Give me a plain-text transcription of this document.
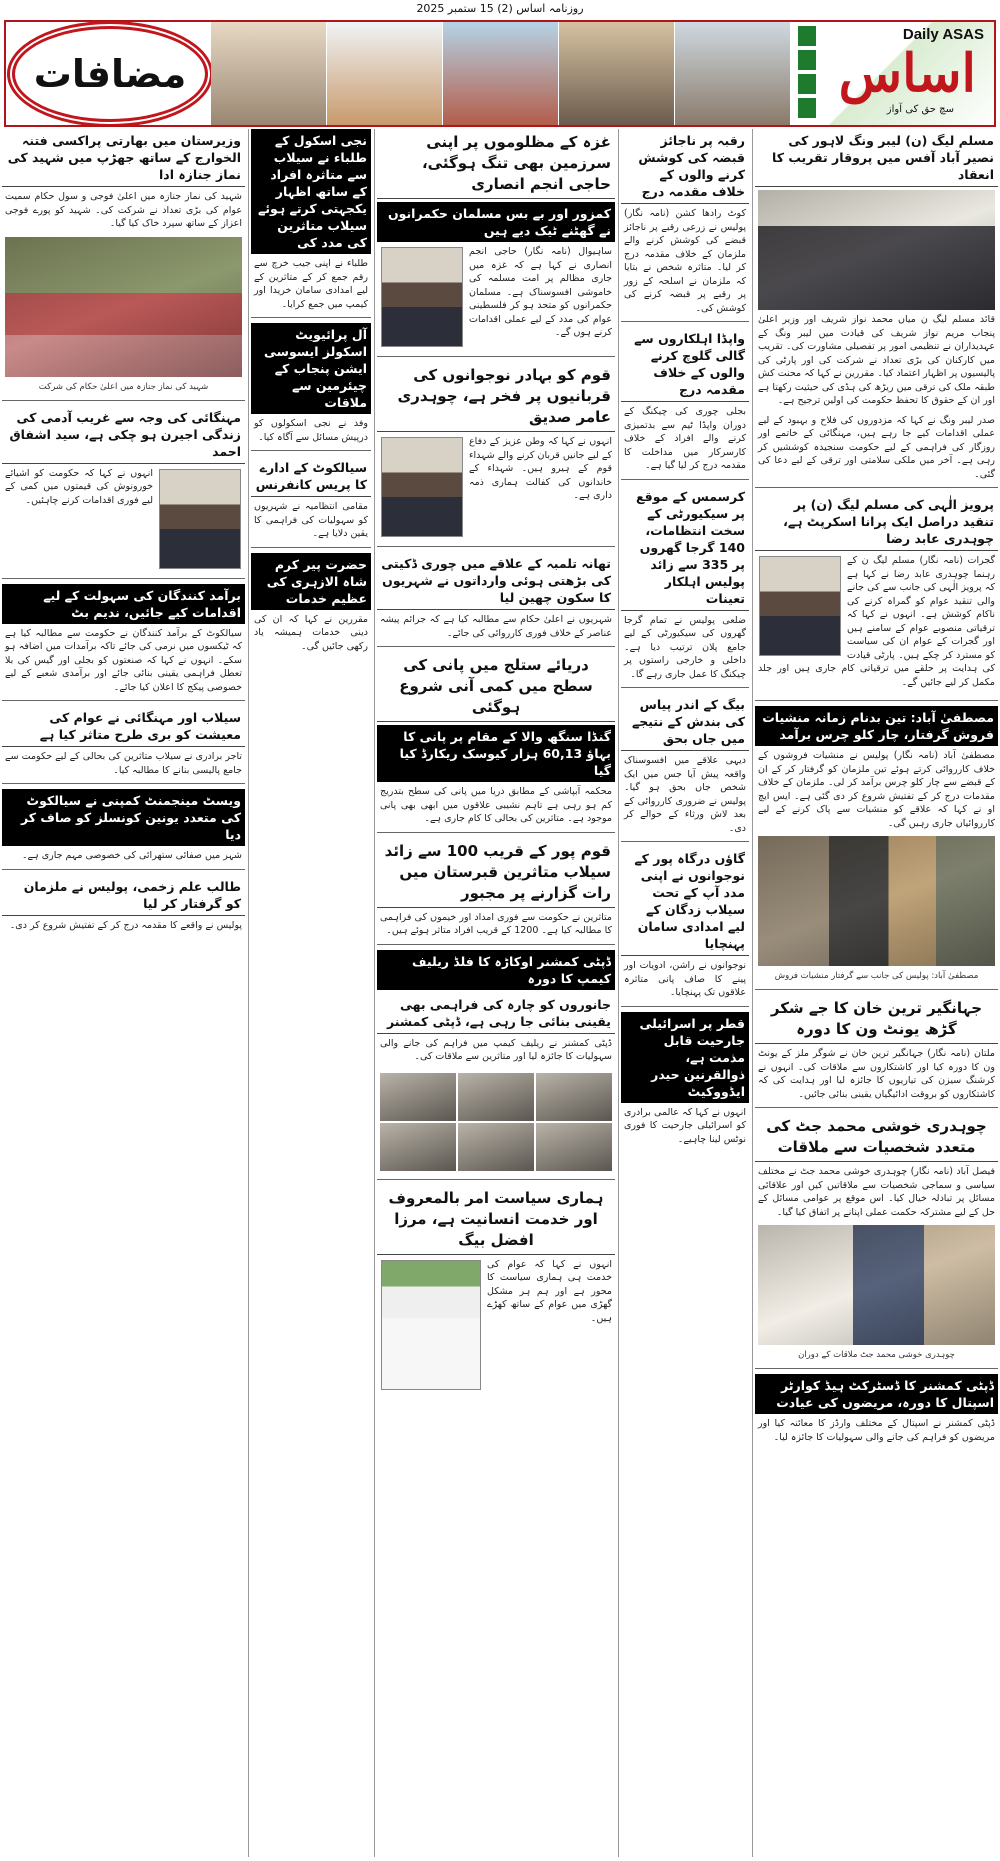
روزنامہ اساس (2) 15 ستمبر 2025
مضافات
Daily ASAS
اساس
سچ حق کی آواز
مسلم لیگ (ن) لیبر ونگ لاہور کی نصیر آباد آفس میں پروقار تقریب کا انعقاد
قائد مسلم لیگ ن میاں محمد نواز شریف اور وزیر اعلیٰ پنجاب مریم نواز شریف کی قیادت میں لیبر ونگ کے عہدیداران نے تنظیمی امور پر تفصیلی مشاورت کی۔ تقریب میں کارکنان کی بڑی تعداد نے شرکت کی اور پارٹی کی پالیسیوں پر اظہار اعتماد کیا۔ مقررین نے کہا کہ محنت کش طبقہ ملک کی ترقی میں ریڑھ کی ہڈی کی حیثیت رکھتا ہے اور ان کے حقوق کا تحفظ حکومت کی اولین ترجیح ہے۔
صدر لیبر ونگ نے کہا کہ مزدوروں کی فلاح و بہبود کے لیے عملی اقدامات کیے جا رہے ہیں، مہنگائی کے خاتمے اور روزگار کی فراہمی کے لیے حکومت سنجیدہ کوششیں کر رہی ہے۔ آخر میں ملکی سلامتی اور ترقی کے لیے دعا کی گئی۔
پرویز الٰہی کی مسلم لیگ (ن) پر تنقید دراصل ایک پرانا اسکرپٹ ہے، چوہدری عابد رضا
گجرات (نامہ نگار) مسلم لیگ ن کے رہنما چوہدری عابد رضا نے کہا ہے کہ پرویز الٰہی کی جانب سے کی جانے والی تنقید عوام کو گمراہ کرنے کی ناکام کوشش ہے۔ انہوں نے کہا کہ ترقیاتی منصوبے عوام کے سامنے ہیں اور گجرات کے عوام ان کی سیاست کو مسترد کر چکے ہیں۔ پارٹی قیادت کی ہدایت پر حلقے میں ترقیاتی کام جاری ہیں اور جلد مکمل کر لیے جائیں گے۔
مصطفیٰ آباد: تین بدنام زمانہ منشیات فروش گرفتار، چار کلو چرس برآمد
مصطفیٰ آباد (نامہ نگار) پولیس نے منشیات فروشوں کے خلاف کارروائی کرتے ہوئے تین ملزمان کو گرفتار کر کے ان کے قبضے سے چار کلو چرس برآمد کر لی۔ ملزمان کے خلاف مقدمات درج کر کے تفتیش شروع کر دی گئی ہے۔ ایس ایچ او نے کہا کہ علاقے کو منشیات سے پاک کرنے کے لیے کارروائیاں جاری رہیں گی۔
مصطفیٰ آباد: پولیس کی جانب سے گرفتار منشیات فروش
جہانگیر ترین خان کا جے شکر گڑھ یونٹ ون کا دورہ
ملتان (نامہ نگار) جہانگیر ترین خان نے شوگر ملز کے یونٹ ون کا دورہ کیا اور کاشتکاروں سے ملاقات کی۔ انہوں نے کرشنگ سیزن کی تیاریوں کا جائزہ لیا اور ہدایت کی کہ کاشتکاروں کو بروقت ادائیگیاں یقینی بنائی جائیں۔
چوہدری خوشی محمد جٹ کی متعدد شخصیات سے ملاقات
فیصل آباد (نامہ نگار) چوہدری خوشی محمد جٹ نے مختلف سیاسی و سماجی شخصیات سے ملاقاتیں کیں اور علاقائی مسائل پر تبادلہ خیال کیا۔ اس موقع پر عوامی مسائل کے حل کے لیے مشترکہ حکمت عملی اپنانے پر اتفاق کیا گیا۔
چوہدری خوشی محمد جٹ ملاقات کے دوران
ڈپٹی کمشنر کا ڈسٹرکٹ ہیڈ کوارٹر اسپتال کا دورہ، مریضوں کی عیادت
ڈپٹی کمشنر نے اسپتال کے مختلف وارڈز کا معائنہ کیا اور مریضوں کو فراہم کی جانے والی سہولیات کا جائزہ لیا۔
رقبہ پر ناجائز قبضہ کی کوشش کرنے والوں کے خلاف مقدمہ درج
کوٹ رادھا کشن (نامہ نگار) پولیس نے زرعی رقبے پر ناجائز قبضے کی کوشش کرنے والے ملزمان کے خلاف مقدمہ درج کر لیا۔ متاثرہ شخص نے بتایا کہ ملزمان نے اسلحہ کے زور پر رقبے پر قبضہ کرنے کی کوشش کی۔
واپڈا اہلکاروں سے گالی گلوچ کرنے والوں کے خلاف مقدمہ درج
بجلی چوری کی چیکنگ کے دوران واپڈا ٹیم سے بدتمیزی کرنے والے افراد کے خلاف کارسرکار میں مداخلت کا مقدمہ درج کر لیا گیا ہے۔
کرسمس کے موقع پر سیکیورٹی کے سخت انتظامات، 140 گرجا گھروں پر 335 سے زائد پولیس اہلکار تعینات
ضلعی پولیس نے تمام گرجا گھروں کی سیکیورٹی کے لیے جامع پلان ترتیب دیا ہے۔ داخلی و خارجی راستوں پر چیکنگ کا عمل جاری رہے گا۔
بیگ کے اندر پیاس کی بندش کے نتیجے میں جاں بحق
دیہی علاقے میں افسوسناک واقعہ پیش آیا جس میں ایک شخص جاں بحق ہو گیا۔ پولیس نے ضروری کارروائی کے بعد لاش ورثاء کے حوالے کر دی۔
گاؤں درگاہ پور کے نوجوانوں نے اپنی مدد آپ کے تحت سیلاب زدگان کے لیے امدادی سامان پہنچایا
نوجوانوں نے راشن، ادویات اور پینے کا صاف پانی متاثرہ علاقوں تک پہنچایا۔
قطر پر اسرائیلی جارحیت قابل مذمت ہے، ذوالقرنین حیدر ایڈووکیٹ
انہوں نے کہا کہ عالمی برادری کو اسرائیلی جارحیت کا فوری نوٹس لینا چاہیے۔
غزہ کے مظلوموں پر اپنی سرزمین بھی تنگ ہوگئی، حاجی انجم انصاری
کمزور اور بے بس مسلمان حکمرانوں نے گھٹنے ٹیک دیے ہیں
ساہیوال (نامہ نگار) حاجی انجم انصاری نے کہا ہے کہ غزہ میں جاری مظالم پر امت مسلمہ کی خاموشی افسوسناک ہے۔ مسلمان حکمرانوں کو متحد ہو کر فلسطینی عوام کی مدد کے لیے عملی اقدامات کرنے ہوں گے۔
قوم کو بہادر نوجوانوں کی قربانیوں پر فخر ہے، چوہدری عامر صدیق
انہوں نے کہا کہ وطن عزیز کے دفاع کے لیے جانیں قربان کرنے والے شہداء قوم کے ہیرو ہیں۔ شہداء کے خاندانوں کی کفالت ہماری ذمہ داری ہے۔
تھانہ تلمبہ کے علاقے میں چوری ڈکیتی کی بڑھتی ہوئی وارداتوں نے شہریوں کا سکون چھین لیا
شہریوں نے اعلیٰ حکام سے مطالبہ کیا ہے کہ جرائم پیشہ عناصر کے خلاف فوری کارروائی کی جائے۔
دریائے ستلج میں پانی کی سطح میں کمی آنی شروع ہوگئی
گنڈا سنگھ والا کے مقام پر پانی کا بہاؤ 60,13 ہزار کیوسک ریکارڈ کیا گیا
محکمہ آبپاشی کے مطابق دریا میں پانی کی سطح بتدریج کم ہو رہی ہے تاہم نشیبی علاقوں میں ابھی بھی پانی موجود ہے۔ متاثرین کی بحالی کا کام جاری ہے۔
قوم پور کے قریب 100 سے زائد سیلاب متاثرین قبرستان میں رات گزارنے پر مجبور
متاثرین نے حکومت سے فوری امداد اور خیموں کی فراہمی کا مطالبہ کیا ہے۔ 1200 کے قریب افراد متاثر ہوئے ہیں۔
ڈپٹی کمشنر اوکاڑہ کا فلڈ ریلیف کیمپ کا دورہ
جانوروں کو چارہ کی فراہمی بھی یقینی بنائی جا رہی ہے، ڈپٹی کمشنر
ڈپٹی کمشنر نے ریلیف کیمپ میں فراہم کی جانے والی سہولیات کا جائزہ لیا اور متاثرین سے ملاقات کی۔
ہماری سیاست امر بالمعروف اور خدمت انسانیت ہے، مرزا افضل بیگ
انہوں نے کہا کہ عوام کی خدمت ہی ہماری سیاست کا محور ہے اور ہم ہر مشکل گھڑی میں عوام کے ساتھ کھڑے ہیں۔
نجی اسکول کے طلباء نے سیلاب سے متاثرہ افراد کے ساتھ اظہار یکجہتی کرتے ہوئے سیلاب متاثرین کی مدد کی
طلباء نے اپنی جیب خرچ سے رقم جمع کر کے متاثرین کے لیے امدادی سامان خریدا اور کیمپ میں جمع کرایا۔
آل پرائیویٹ اسکولز ایسوسی ایشن پنجاب کے چیئرمین سے ملاقات
وفد نے نجی اسکولوں کو درپیش مسائل سے آگاہ کیا۔
سیالکوٹ کے ادارے کا پریس کانفرنس
مقامی انتظامیہ نے شہریوں کو سہولیات کی فراہمی کا یقین دلایا ہے۔
حضرت پیر کرم شاہ الازہری کی عظیم خدمات
مقررین نے کہا کہ ان کی دینی خدمات ہمیشہ یاد رکھی جائیں گی۔
وزیرستان میں بھارتی پراکسی فتنہ الخوارج کے ساتھ جھڑپ میں شہید کی نماز جنازہ ادا
شہید کی نماز جنازہ میں اعلیٰ فوجی و سول حکام سمیت عوام کی بڑی تعداد نے شرکت کی۔ شہید کو پورے فوجی اعزاز کے ساتھ سپرد خاک کیا گیا۔
شہید کی نماز جنازہ میں اعلیٰ حکام کی شرکت
مہنگائی کی وجہ سے غریب آدمی کی زندگی اجیرن ہو چکی ہے، سید اشفاق احمد
انہوں نے کہا کہ حکومت کو اشیائے خورونوش کی قیمتوں میں کمی کے لیے فوری اقدامات کرنے چاہئیں۔
برآمد کنندگان کی سہولت کے لیے اقدامات کیے جائیں، ندیم بٹ
سیالکوٹ کے برآمد کنندگان نے حکومت سے مطالبہ کیا ہے کہ ٹیکسوں میں نرمی کی جائے تاکہ برآمدات میں اضافہ ہو سکے۔ انہوں نے کہا کہ صنعتوں کو بجلی اور گیس کی بلا تعطل فراہمی یقینی بنائی جائے اور برآمدی شعبے کے لیے خصوصی پیکج کا اعلان کیا جائے۔
سیلاب اور مہنگائی نے عوام کی معیشت کو بری طرح متاثر کیا ہے
تاجر برادری نے سیلاب متاثرین کی بحالی کے لیے حکومت سے جامع پالیسی بنانے کا مطالبہ کیا۔
ویسٹ مینجمنٹ کمپنی نے سیالکوٹ کی متعدد یونین کونسلز کو صاف کر دیا
شہر میں صفائی ستھرائی کی خصوصی مہم جاری ہے۔
طالب علم زخمی، پولیس نے ملزمان کو گرفتار کر لیا
پولیس نے واقعے کا مقدمہ درج کر کے تفتیش شروع کر دی۔
